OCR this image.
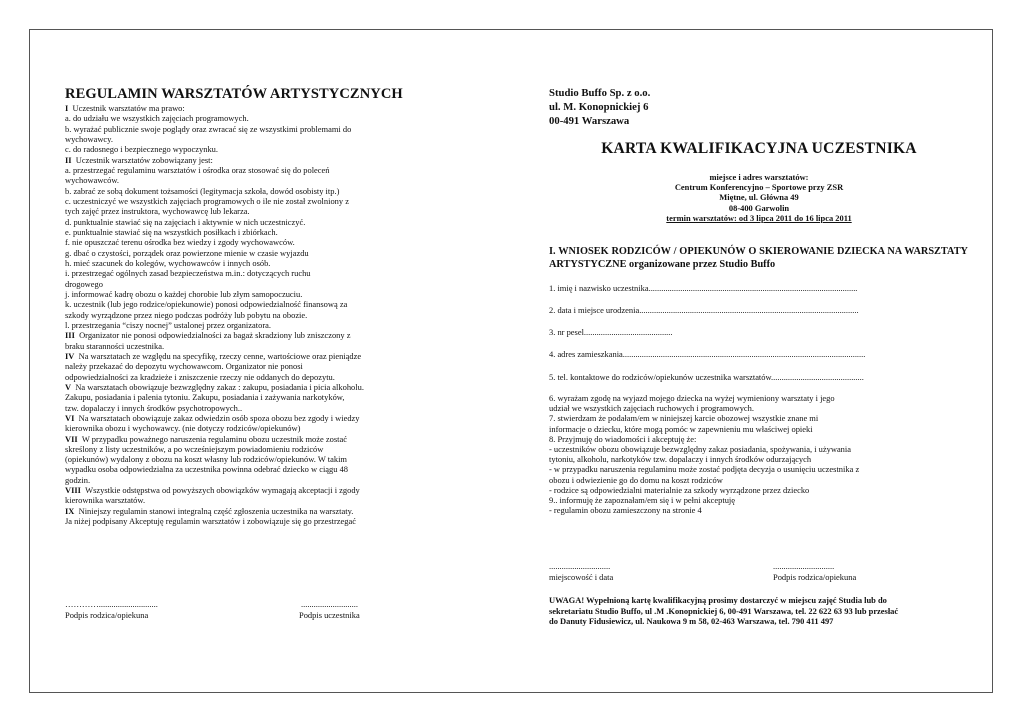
REGULAMIN WARSZTATÓW ARTYSTYCZNYCH
I Uczestnik warsztatów ma prawo:
a. do udziału we wszystkich zajęciach programowych.
b. wyrażać publicznie swoje poglądy oraz zwracać się ze wszystkimi problemami do
wychowawcy.
c. do radosnego i bezpiecznego wypoczynku.
II Uczestnik warsztatów zobowiązany jest:
a. przestrzegać regulaminu warsztatów i ośrodka oraz stosować się do poleceń
wychowawców.
b. zabrać ze sobą dokument tożsamości (legitymacja szkoła, dowód osobisty itp.)
c. uczestniczyć we wszystkich zajęciach programowych o ile nie został zwolniony z
tych zajęć przez instruktora, wychowawcę lub lekarza.
d. punktualnie stawiać się na zajęciach i aktywnie w nich uczestniczyć.
e. punktualnie stawiać się na wszystkich posiłkach i zbiórkach.
f. nie opuszczać terenu ośrodka bez wiedzy i zgody wychowawców.
g. dbać o czystości, porządek oraz powierzone mienie w czasie wyjazdu
h. mieć szacunek do kolegów, wychowawców i innych osób.
i. przestrzegać ogólnych zasad bezpieczeństwa m.in.: dotyczących ruchu
drogowego
j. informować kadrę obozu o każdej chorobie lub złym samopoczuciu.
k. uczestnik (lub jego rodzice/opiekunowie) ponosi odpowiedzialność finansową za
szkody wyrządzone przez niego podczas podróży lub pobytu na obozie.
l. przestrzegania “ciszy nocnej” ustalonej przez organizatora.
III Organizator nie ponosi odpowiedzialności za bagaż skradziony lub zniszczony z
braku staranności uczestnika.
IV Na warsztatach ze względu na specyfikę, rzeczy cenne, wartościowe oraz pieniądze
należy przekazać do depozytu wychowawcom. Organizator nie ponosi
odpowiedzialności za kradzieże i zniszczenie rzeczy nie oddanych do depozytu.
V Na warsztatach obowiązuje bezwzględny zakaz : zakupu, posiadania i picia alkoholu.
Zakupu, posiadania i palenia tytoniu. Zakupu, posiadania i zażywania narkotyków,
tzw. dopalaczy i innych środków psychotropowych..
VI Na warsztatach obowiązuje zakaz odwiedzin osób spoza obozu bez zgody i wiedzy
kierownika obozu i wychowawcy. (nie dotyczy rodziców/opiekunów)
VII W przypadku poważnego naruszenia regulaminu obozu uczestnik może zostać
skreślony z listy uczestników, a po wcześniejszym powiadomieniu rodziców
(opiekunów) wydalony z obozu na koszt własny lub rodziców/opiekunów. W takim
wypadku osoba odpowiedzialna za uczestnika powinna odebrać dziecko w ciągu 48
godzin.
VIII Wszystkie odstępstwa od powyższych obowiązków wymagają akceptacji i zgody
kierownika warsztatów.
IX Niniejszy regulamin stanowi integralną część zgłoszenia uczestnika na warsztaty.
Ja niżej podpisany Akceptuję regulamin warsztatów i zobowiązuje się go przestrzegać
…………............................
Podpis rodzica/opiekuna
...........................
Podpis uczestnika
Studio Buffo Sp. z o.o.
ul. M. Konopnickiej 6
00-491 Warszawa
KARTA KWALIFIKACYJNA UCZESTNIKA
miejsce i adres warsztatów:
Centrum Konferencyjno – Sportowe przy ZSR
Miętne, ul. Główna 49
08-400 Garwolin
termin warsztatów: od 3 lipca 2011 do 16 lipca 2011
I. WNIOSEK RODZICÓW / OPIEKUNÓW O SKIEROWANIE DZIECKA NA WARSZTATY ARTYSTYCZNE organizowane przez Studio Buffo
1. imię i nazwisko uczestnika...................................................................................................
2. data i miejsce urodzenia........................................................................................................
3. nr pesel..........................................
4. adres zamieszkania...................................................................................................................
5. tel. kontaktowe do rodziców/opiekunów uczestnika warsztatów............................................
6. wyrażam zgodę na wyjazd mojego dziecka na wyżej wymieniony warsztaty i jego
udział we wszystkich zajęciach ruchowych i programowych.
7. stwierdzam że podałam/em w niniejszej karcie obozowej wszystkie znane mi
informacje o dziecku, które mogą pomóc w zapewnieniu mu właściwej opieki
8. Przyjmuję do wiadomości i akceptuję że:
- uczestników obozu obowiązuje bezwzględny zakaz posiadania, spożywania, i używania
tytoniu, alkoholu, narkotyków tzw. dopalaczy i innych środków odurzających
- w przypadku naruszenia regulaminu może zostać podjęta decyzja o usunięciu uczestnika z
obozu i odwiezienie go do domu na koszt rodziców
- rodzice są odpowiedzialni materialnie za szkody wyrządzone przez dziecko
9.. informuję że zapoznałam/em się i w pełni akceptuję
- regulamin obozu zamieszczony na stronie 4
.............................
miejscowość i data
.............................
Podpis rodzica/opiekuna
UWAGA! Wypełnioną kartę kwalifikacyjną prosimy dostarczyć w miejscu zajęć Studia lub do
sekretariatu Studio Buffo, ul .M .Konopnickiej 6, 00-491 Warszawa, tel. 22 622 63 93 lub przesłać
do Danuty Fidusiewicz, ul. Naukowa 9 m 58, 02-463 Warszawa, tel. 790 411 497
